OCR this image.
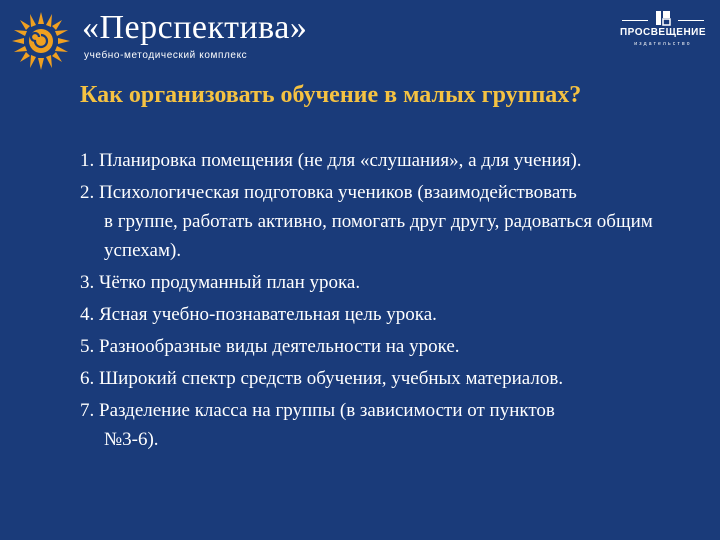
«Перспектива»
учебно-методический комплекс
ПРОСВЕЩЕНИЕ
издательство
Как организовать обучение в малых группах?
1. Планировка помещения (не для «слушания», а для учения).
2. Психологическая подготовка учеников (взаимодействовать
в группе, работать активно, помогать друг другу, радоваться общим успехам).
3. Чётко продуманный план урока.
4. Ясная учебно-познавательная цель урока.
5. Разнообразные виды деятельности на уроке.
6. Широкий спектр средств обучения, учебных материалов.
7. Разделение класса на группы (в зависимости от пунктов
№3-6).
